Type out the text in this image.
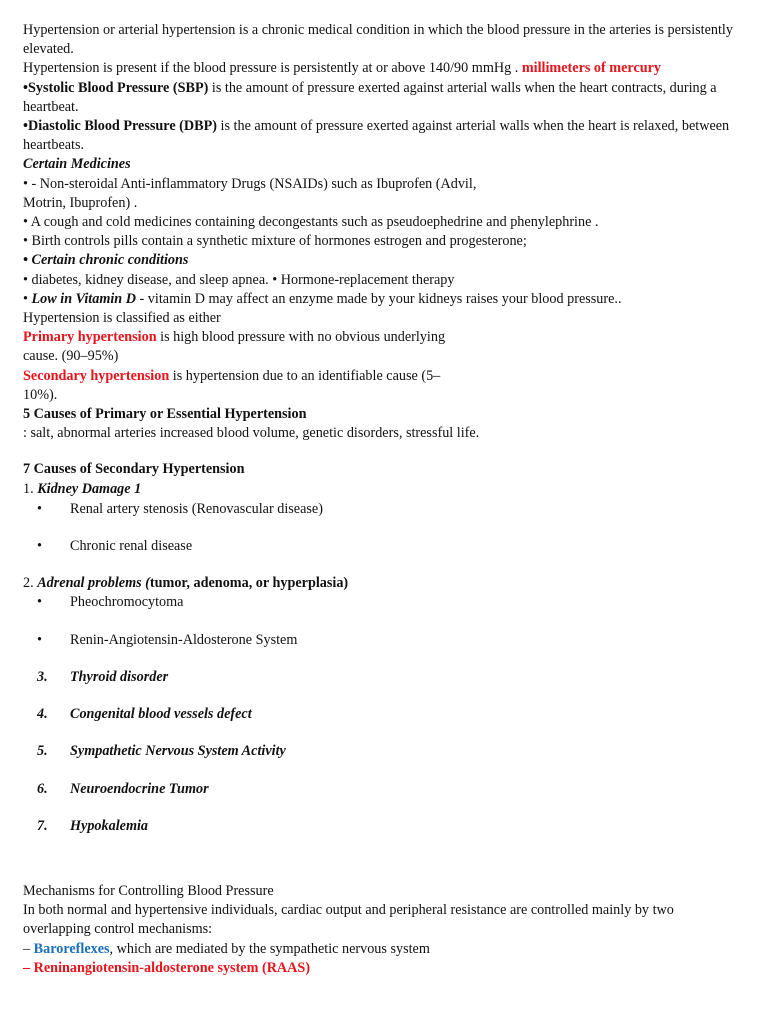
Hypertension or arterial hypertension is a chronic medical condition in which the blood pressure in the arteries is persistently elevated.

Hypertension is present if the blood pressure is persistently at or above 140/90 mmHg . millimeters of mercury

•Systolic Blood Pressure (SBP) is the amount of pressure exerted against arterial walls when the heart contracts, during a heartbeat.

•Diastolic Blood Pressure (DBP) is the amount of pressure exerted against arterial walls when the heart is relaxed, between heartbeats.

Certain Medicines

• - Non-steroidal Anti-inflammatory Drugs (NSAIDs) such as Ibuprofen (Advil,

Motrin, Ibuprofen) .

• A cough and cold medicines containing decongestants such as pseudoephedrine and phenylephrine .

• Birth controls pills contain a synthetic mixture of hormones estrogen and progesterone;

• Certain chronic conditions

• diabetes, kidney disease, and sleep apnea. • Hormone-replacement therapy

• Low in Vitamin D - vitamin D may affect an enzyme made by your kidneys raises your blood pressure..

Hypertension is classified as either

Primary hypertension is high blood pressure with no obvious underlying

cause. (90–95%)

Secondary hypertension is hypertension due to an identifiable cause (5–

10%).

5 Causes of Primary or Essential Hypertension

: salt, abnormal arteries increased blood volume, genetic disorders, stressful life.

7 Causes of Secondary Hypertension

1. Kidney Damage 1

• Renal artery stenosis (Renovascular disease)
• Chronic renal disease

2. Adrenal problems (tumor, adenoma, or hyperplasia)

• Pheochromocytoma
• Renin-Angiotensin-Aldosterone System
3. Thyroid disorder
4. Congenital blood vessels defect
5. Sympathetic Nervous System Activity
6. Neuroendocrine Tumor
7. Hypokalemia

Mechanisms for Controlling Blood Pressure

In both normal and hypertensive individuals, cardiac output and peripheral resistance are controlled mainly by two overlapping control mechanisms:

– Baroreflexes, which are mediated by the sympathetic nervous system

– Reninangiotensin-aldosterone system (RAAS)
